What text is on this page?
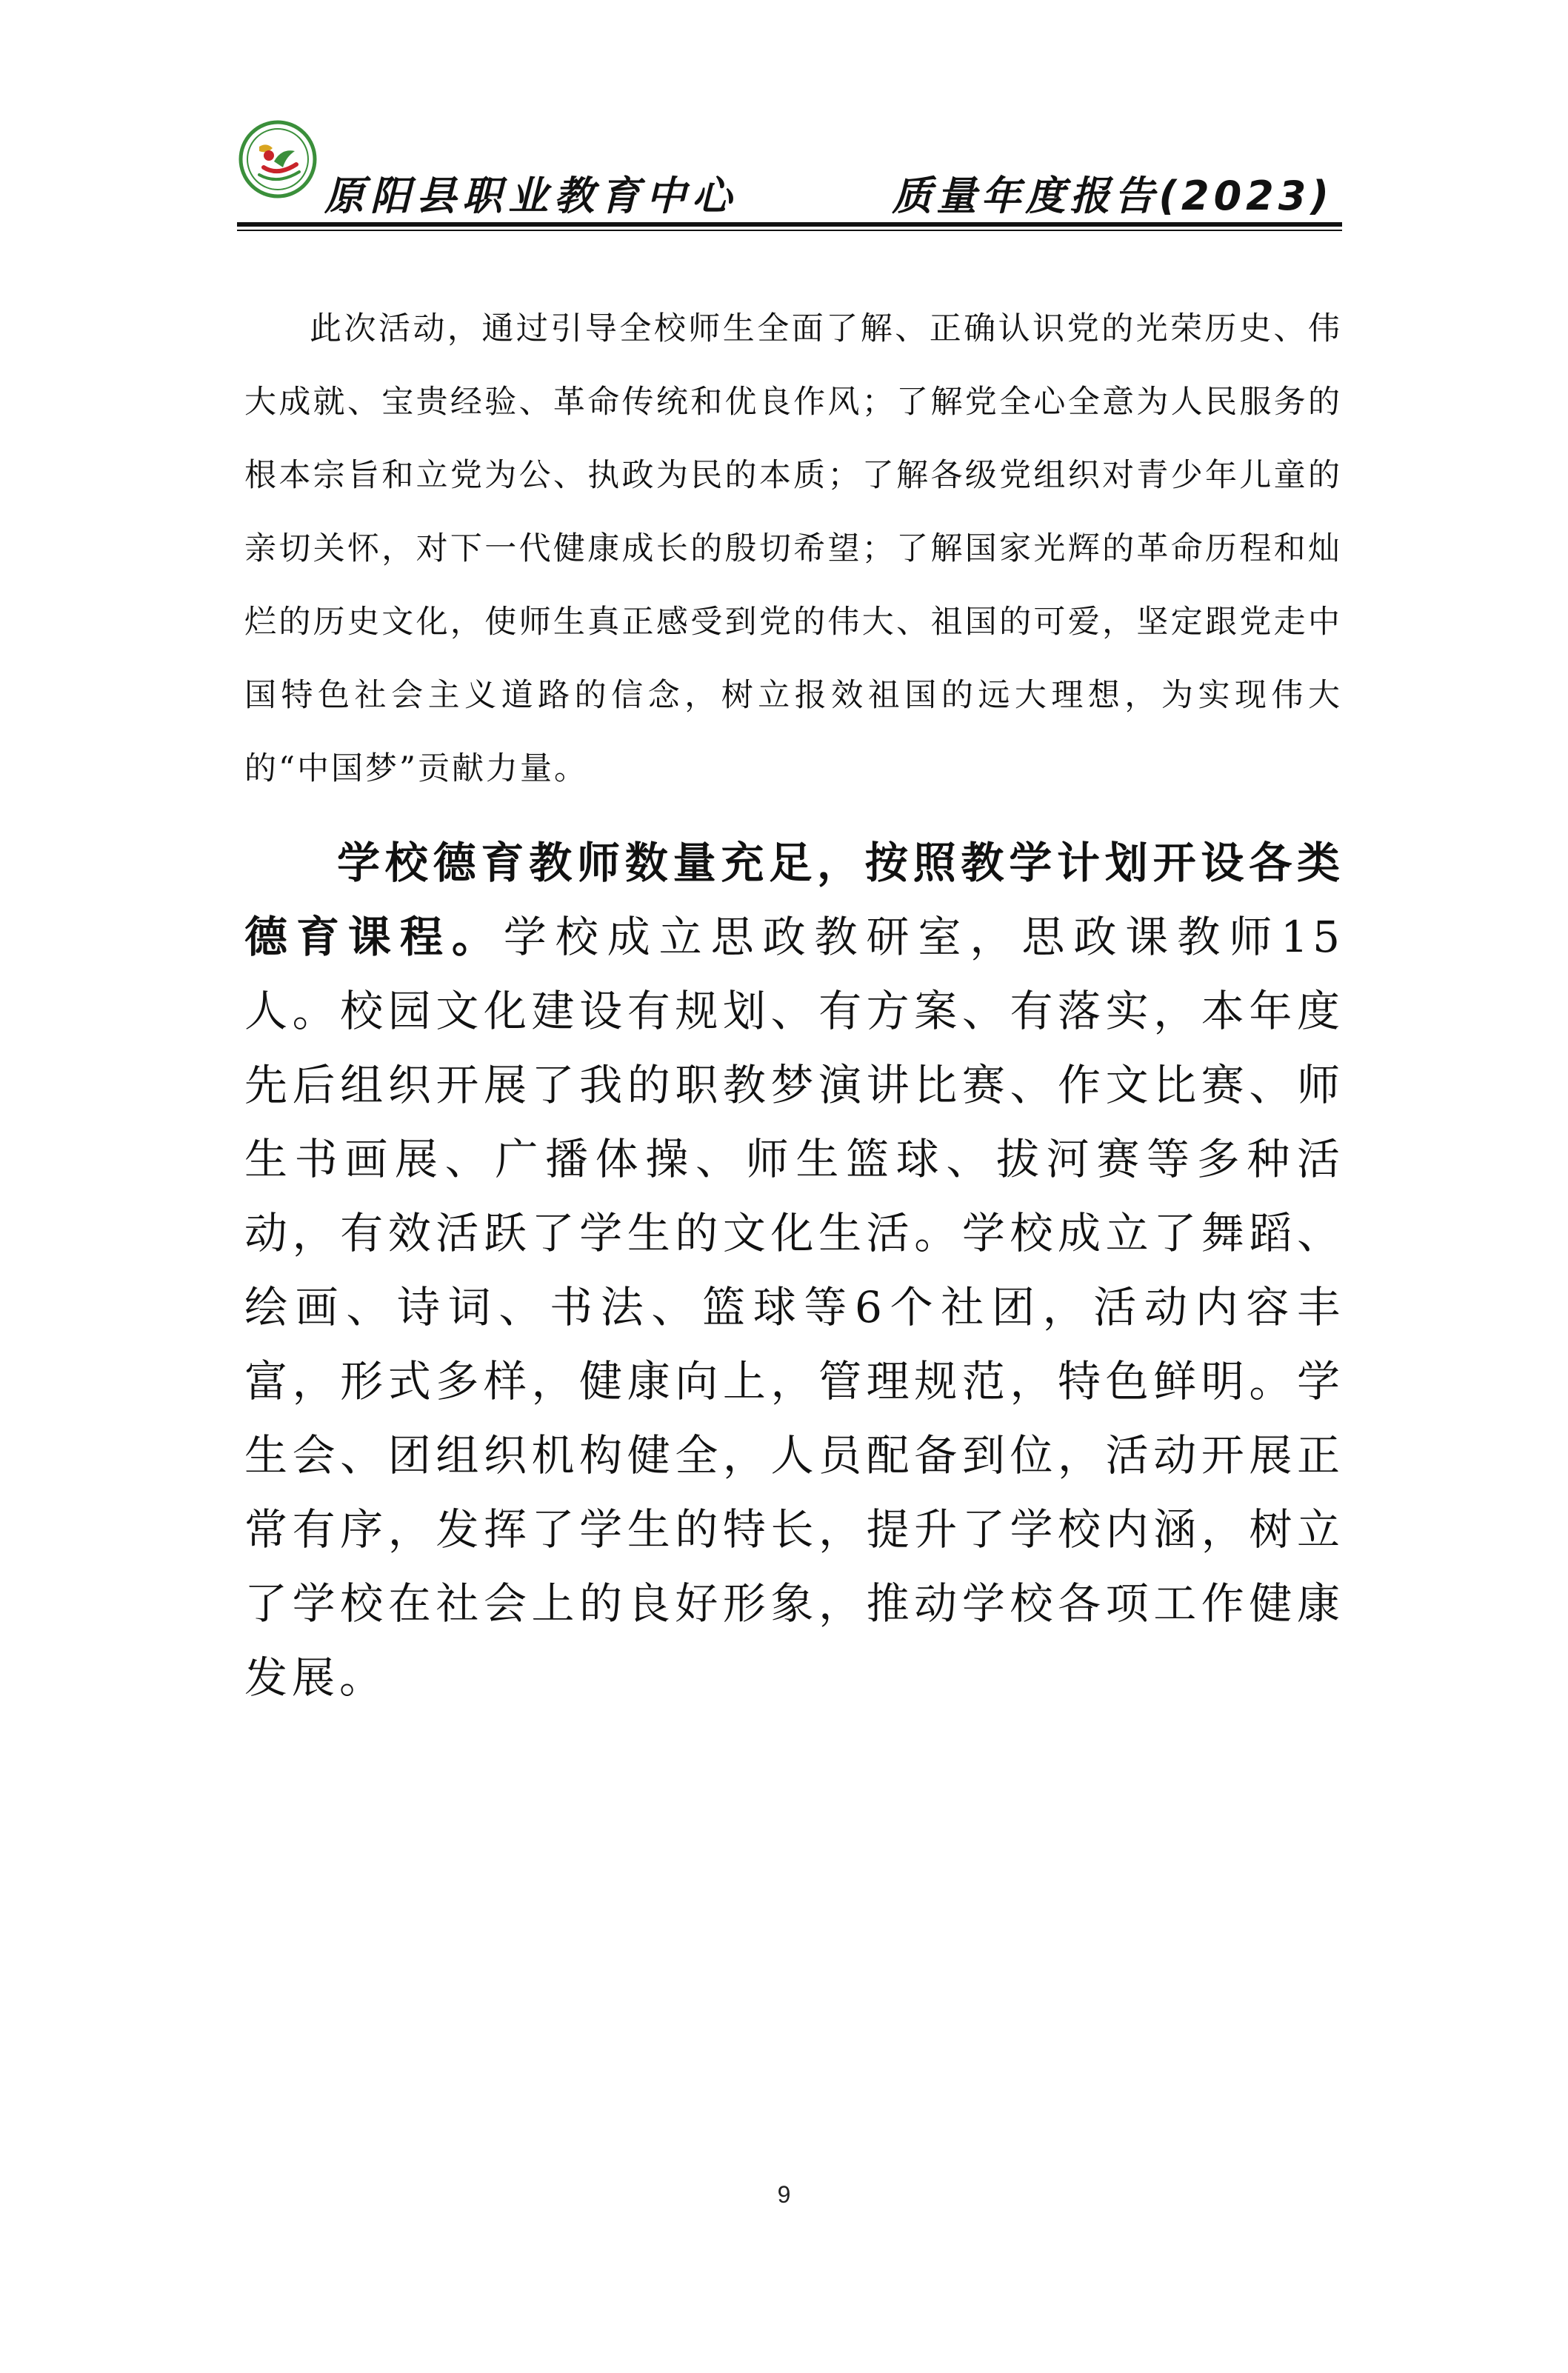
原阳县职业教育中心	质量年度报告(2023)

此次活动，通过引导全校师生全面了解、正确认识党的光荣历史、伟大成就、宝贵经验、革命传统和优良作风；了解党全心全意为人民服务的根本宗旨和立党为公、执政为民的本质；了解各级党组织对青少年儿童的亲切关怀，对下一代健康成长的殷切希望；了解国家光辉的革命历程和灿烂的历史文化，使师生真正感受到党的伟大、祖国的可爱，坚定跟党走中国特色社会主义道路的信念，树立报效祖国的远大理想，为实现伟大的“中国梦”贡献力量。

学校德育教师数量充足，按照教学计划开设各类德育课程。学校成立思政教研室，思政课教师15人。校园文化建设有规划、有方案、有落实，本年度先后组织开展了我的职教梦演讲比赛、作文比赛、师生书画展、广播体操、师生篮球、拔河赛等多种活动，有效活跃了学生的文化生活。学校成立了舞蹈、绘画、诗词、书法、篮球等6个社团，活动内容丰富，形式多样，健康向上，管理规范，特色鲜明。学生会、团组织机构健全，人员配备到位，活动开展正常有序，发挥了学生的特长，提升了学校内涵，树立了学校在社会上的良好形象，推动学校各项工作健康发展。

9
